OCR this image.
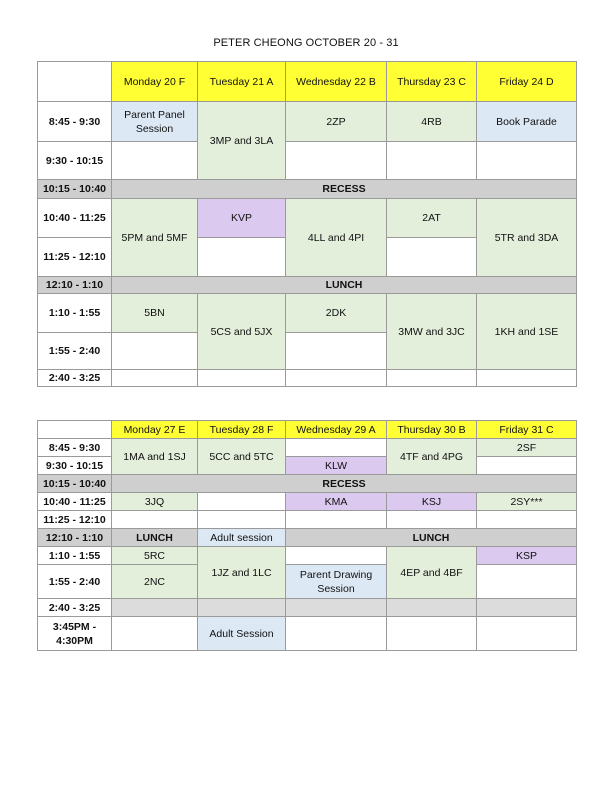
PETER CHEONG OCTOBER 20 - 31
	Monday 20 F	Tuesday 21 A	Wednesday 22 B	Thursday 23 C	Friday 24 D
8:45 - 9:30	Parent Panel Session	3MP and 3LA	2ZP	4RB	Book Parade
9:30 - 10:15					
10:15 - 10:40	RECESS				
10:40 - 11:25	5PM and 5MF	KVP	4LL and 4PI	2AT	5TR and 3DA
11:25 - 12:10					
12:10 - 1:10	LUNCH				
1:10 - 1:55	5BN	5CS and 5JX	2DK	3MW and 3JC	1KH and 1SE
1:55 - 2:40					
2:40 - 3:25					
	Monday 27 E	Tuesday 28 F	Wednesday 29 A	Thursday 30 B	Friday 31 C
8:45 - 9:30	1MA and 1SJ	5CC and 5TC		4TF and 4PG	2SF
9:30 - 10:15			KLW		
10:15 - 10:40	RECESS				
10:40 - 11:25	3JQ		KMA	KSJ	2SY***
11:25 - 12:10					
12:10 - 1:10	LUNCH	Adult session	LUNCH		
1:10 - 1:55	5RC	1JZ and 1LC		4EP and 4BF	KSP
1:55 - 2:40	2NC		Parent Drawing Session		
2:40 - 3:25					
3:45PM - 4:30PM		Adult Session			
